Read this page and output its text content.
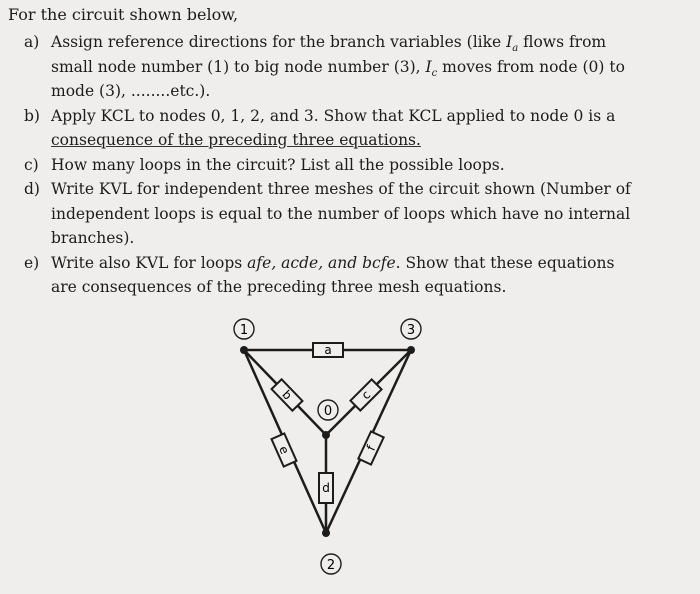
For the circuit shown below,
a) Assign reference directions for the branch variables (like $I_a$ flows from
small node number (1) to big node number (3), $I_c$ moves from node (0) to
mode (3), ........etc.).
b) Apply KCL to nodes 0, 1, 2, and 3. Show that KCL applied to node 0 is a
consequence of the preceding three equations.
c) How many loops in the circuit? List all the possible loops.
d) Write KVL for independent three meshes of the circuit shown (Number of
independent loops is equal to the number of loops which have no internal
branches).
e) Write also KVL for loops afe, acde, and bcfe. Show that these equations
are consequences of the preceding three mesh equations.
a
b	c
d
e	f
1	3
0
2
